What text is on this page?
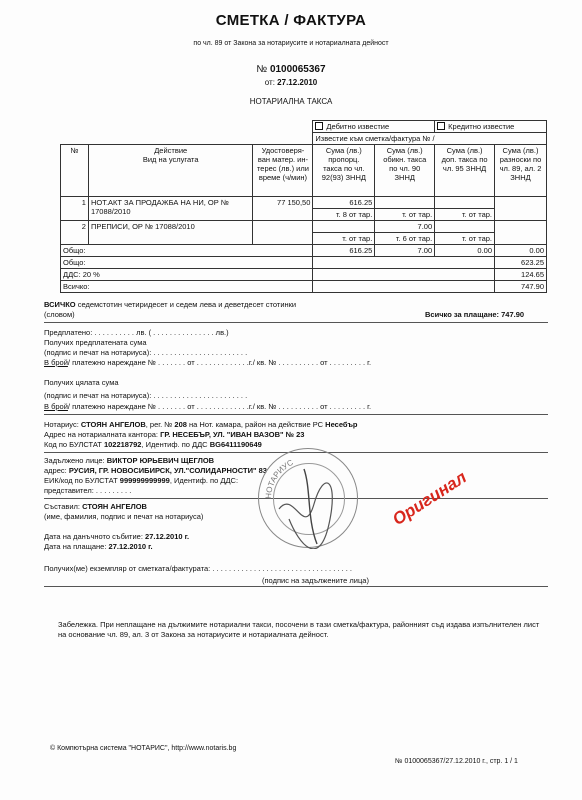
СМЕТКА / ФАКТУРА
по чл. 89 от Закона за нотариусите и нотариалната дейност
№ 0100065367
от: 27.12.2010
НОТАРИАЛНА ТАКСА
			Дебитно известие		Кредитно известие	
			Известие към сметка/фактура № /			
№	Действие
Вид на услугата	Удостоверя-
ван матер. ин-
терес (лв.) или
време (ч/мин)	Сума (лв.)
пропорц.
такса по чл.
92(93) ЗННД	Сума (лв.)
обикн. такса
по чл. 90
ЗННД	Сума (лв.)
доп. такса по
чл. 95 ЗННД	Сума (лв.)
разноски по
чл. 89, ал. 2
ЗННД
1	НОТ.АКТ ЗА ПРОДАЖБА НА НИ, ОР № 17088/2010	77 150,50	616.25			
			т. 8 от тар.	т. от тар.	т. от тар.	
2	ПРЕПИСИ, ОР № 17088/2010			7.00		
			т. от тар.	т. 6 от тар.	т. от тар.	
Общо:			616.25	7.00	0.00	0.00
Общо:						623.25
ДДС: 20 %						124.65
Всичко:						747.90
ВСИЧКО седемстотин четиридесет и седем лева и деветдесет стотинки
(словом)	Всичко за плащане: 747.90
Предплатено: . . . . . . . . . . лв. ( . . . . . . . . . . . . . . . лв.)
Получих предплатената сума
(подпис и печат на нотариуса): . . . . . . . . . . . . . . . . . . . . . . .
В брой/ платежно нареждане № . . . . . . . от . . . . . . . . . . . . .г./ кв. № . . . . . . . . . . от . . . . . . . . . г.
Получих цялата сума
(подпис и печат на нотариуса): . . . . . . . . . . . . . . . . . . . . . . .
В брой/ платежно нареждане № . . . . . . . от . . . . . . . . . . . . .г./ кв. № . . . . . . . . . . от . . . . . . . . . г.
Нотариус: СТОЯН АНГЕЛОВ, рег. № 208 на Нот. камара, район на действие РС Несебър
Адрес на нотариалната кантора: ГР. НЕСЕБЪР, УЛ. "ИВАН ВАЗОВ" № 23
Код по БУЛСТАТ 102218792, Идентиф. по ДДС BG6411190649
Задължено лице: ВИКТОР ЮРЬЕВИЧ ЩЕГЛОВ
адрес: РУСИЯ, ГР. НОВОСИБИРСК, УЛ."СОЛИДАРНОСТИ" 83
ЕИК/код по БУЛСТАТ 999999999999, Идентиф. по ДДС:
представител: . . . . . . . . .
Съставил: СТОЯН АНГЕЛОВ
(име, фамилия, подпис и печат на нотариуса)
Дата на данъчното събитие: 27.12.2010 г.
Дата на плащане: 27.12.2010 г.
Получих(ме) екземпляр от сметката/фактурата: . . . . . . . . . . . . . . . . . . . . . . . . . . . . . . . . . .
(подпис на задължените лица)
НОТАРИУС
Оригинал
Забележка. При неплащане на дължимите нотариални такси, посочени в тази сметка/фактура, районният съд издава изпълнителен лист на основание чл. 89, ал. 3 от Закона за нотариусите и нотариалната дейност.
© Компютърна система "НОТАРИС", http://www.notaris.bg
№ 0100065367/27.12.2010 г., стр. 1 / 1
